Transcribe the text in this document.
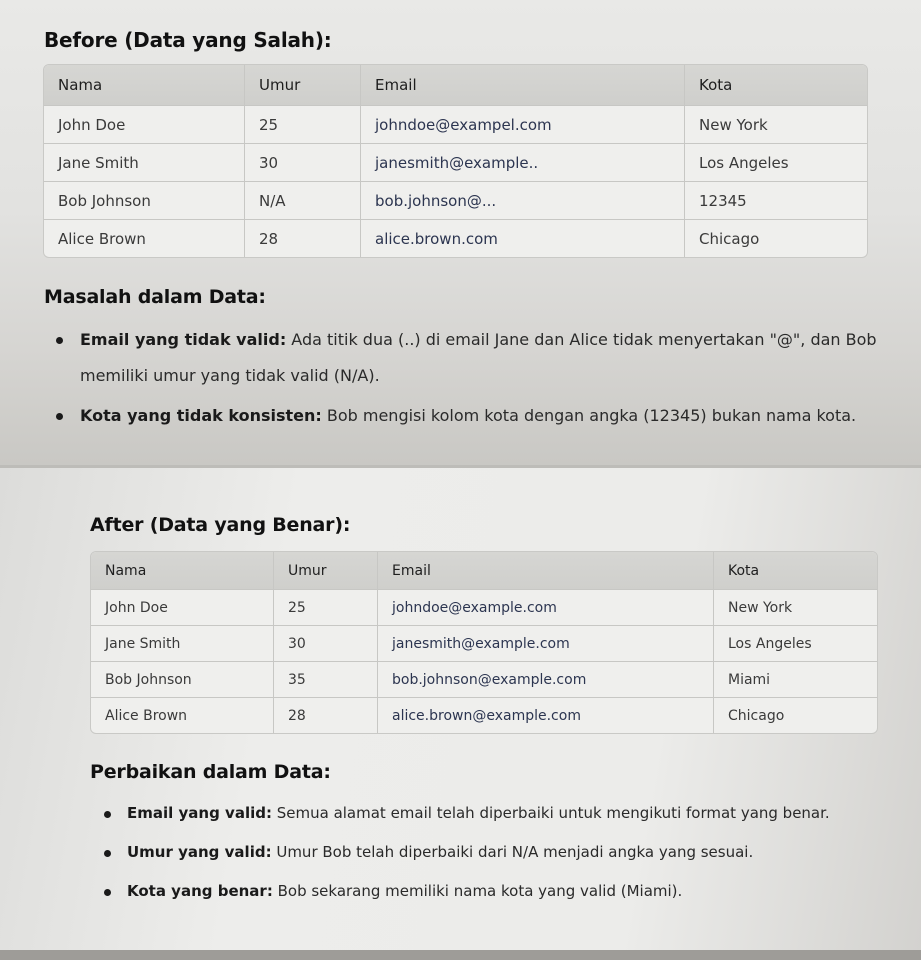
Before (Data yang Salah):
Nama	Umur	Email	Kota
John Doe	25	johndoe@exampel.com	New York
Jane Smith	30	janesmith@example..	Los Angeles
Bob Johnson	N/A	bob.johnson@...	12345
Alice Brown	28	alice.brown.com	Chicago
Masalah dalam Data:
Email yang tidak valid: Ada titik dua (..) di email Jane dan Alice tidak menyertakan "@", dan Bob
memiliki umur yang tidak valid (N/A).
Kota yang tidak konsisten: Bob mengisi kolom kota dengan angka (12345) bukan nama kota.
After (Data yang Benar):
Nama	Umur	Email	Kota
John Doe	25	johndoe@example.com	New York
Jane Smith	30	janesmith@example.com	Los Angeles
Bob Johnson	35	bob.johnson@example.com	Miami
Alice Brown	28	alice.brown@example.com	Chicago
Perbaikan dalam Data:
Email yang valid: Semua alamat email telah diperbaiki untuk mengikuti format yang benar.
Umur yang valid: Umur Bob telah diperbaiki dari N/A menjadi angka yang sesuai.
Kota yang benar: Bob sekarang memiliki nama kota yang valid (Miami).
